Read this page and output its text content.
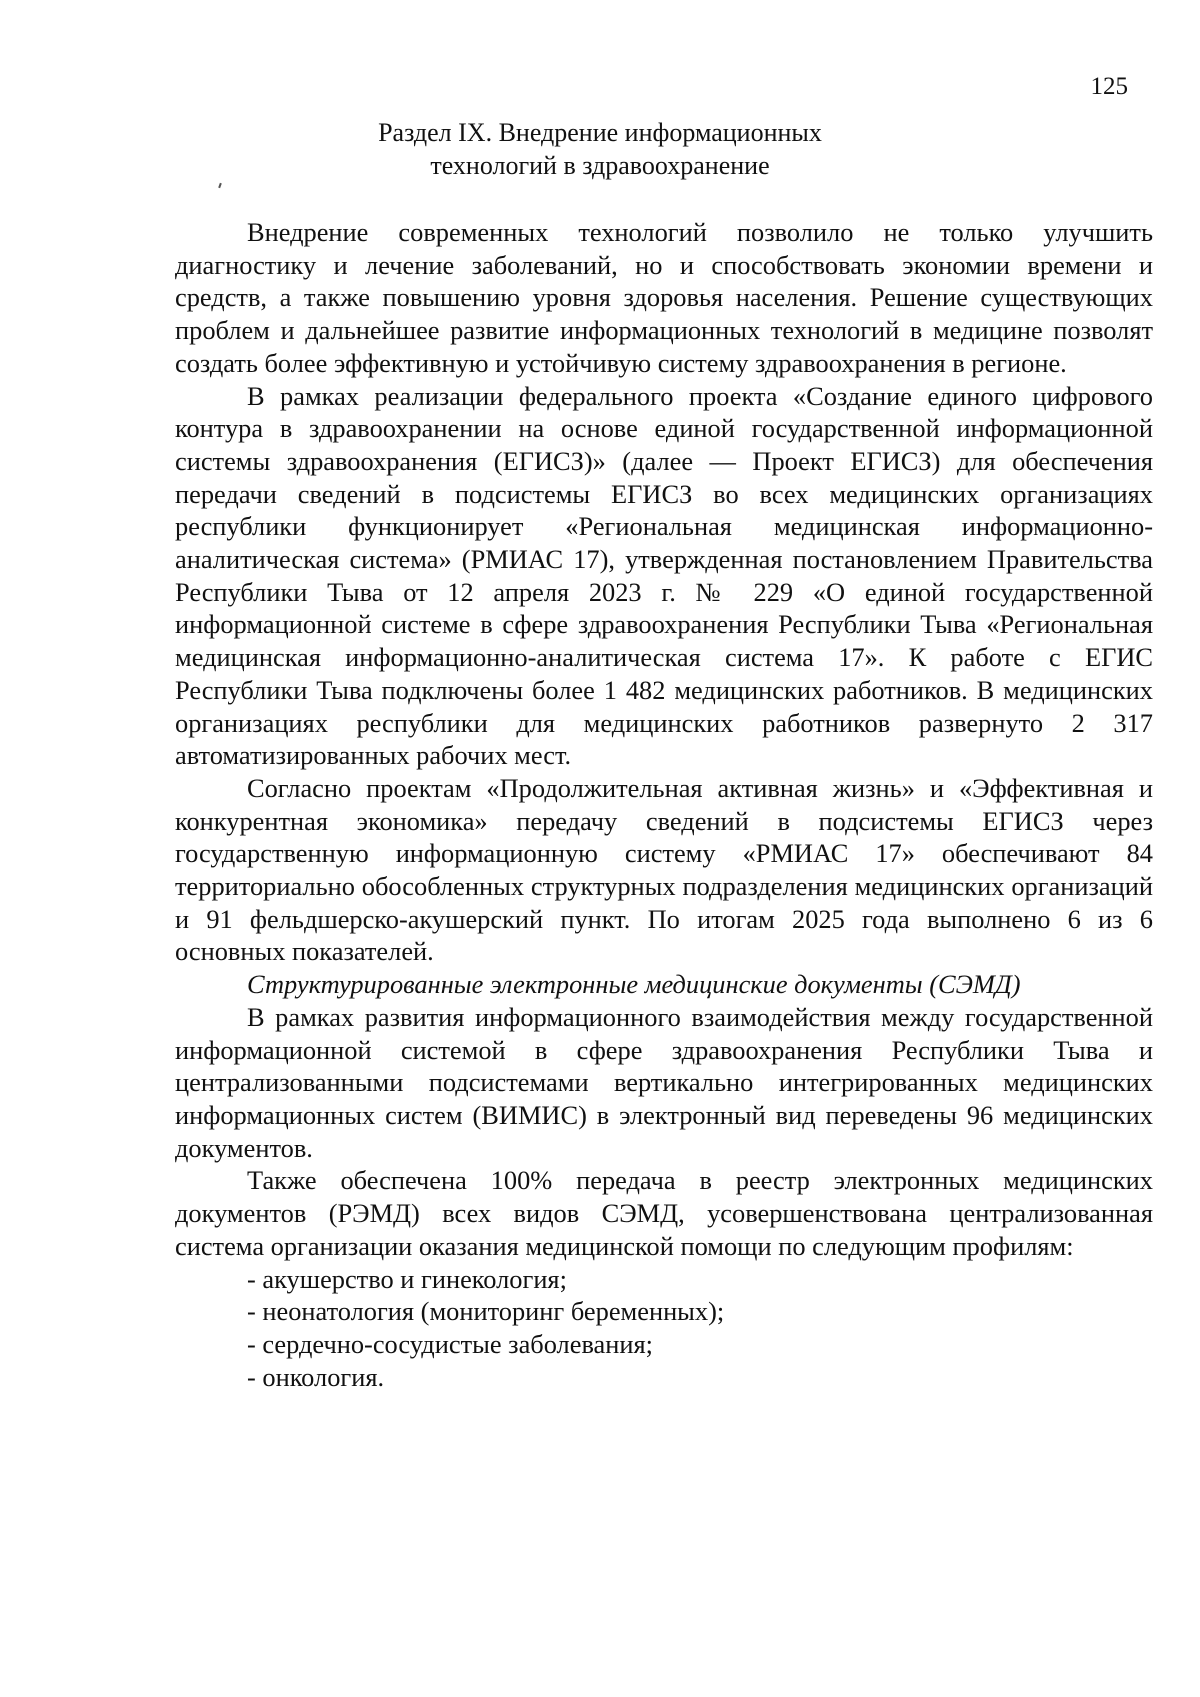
125
Раздел IX. Внедрение информационных
технологий в здравоохранение

Внедрение современных технологий позволило не только улучшить диагностику и лечение заболеваний, но и способствовать экономии времени и средств, а также повышению уровня здоровья населения. Решение существующих проблем и дальнейшее развитие информационных технологий в медицине позволят создать более эффективную и устойчивую систему здравоохранения в регионе.

В рамках реализации федерального проекта «Создание единого цифрового контура в здравоохранении на основе единой государственной информационной системы здравоохранения (ЕГИСЗ)» (далее — Проект ЕГИСЗ) для обеспечения передачи сведений в подсистемы ЕГИСЗ во всех медицинских организациях республики функционирует «Региональная медицинская информационно-аналитическая система» (РМИАС 17), утвержденная постановлением Правительства Республики Тыва от 12 апреля 2023 г. № 229 «О единой государственной информационной системе в сфере здравоохранения Республики Тыва «Региональная медицинская информационно-аналитическая система 17». К работе с ЕГИС Республики Тыва подключены более 1 482 медицинских работников. В медицинских организациях республики для медицинских работников развернуто 2 317 автоматизированных рабочих мест.

Согласно проектам «Продолжительная активная жизнь» и «Эффективная и конкурентная экономика» передачу сведений в подсистемы ЕГИСЗ через государственную информационную систему «РМИАС 17» обеспечивают 84 территориально обособленных структурных подразделения медицинских организаций и 91 фельдшерско-акушерский пункт. По итогам 2025 года выполнено 6 из 6 основных показателей.

Структурированные электронные медицинские документы (СЭМД)

В рамках развития информационного взаимодействия между государственной информационной системой в сфере здравоохранения Республики Тыва и централизованными подсистемами вертикально интегрированных медицинских информационных систем (ВИМИС) в электронный вид переведены 96 медицинских документов.

Также обеспечена 100% передача в реестр электронных медицинских документов (РЭМД) всех видов СЭМД, усовершенствована централизованная система организации оказания медицинской помощи по следующим профилям:

- акушерство и гинекология;
- неонатология (мониторинг беременных);
- сердечно-сосудистые заболевания;
- онкология.
